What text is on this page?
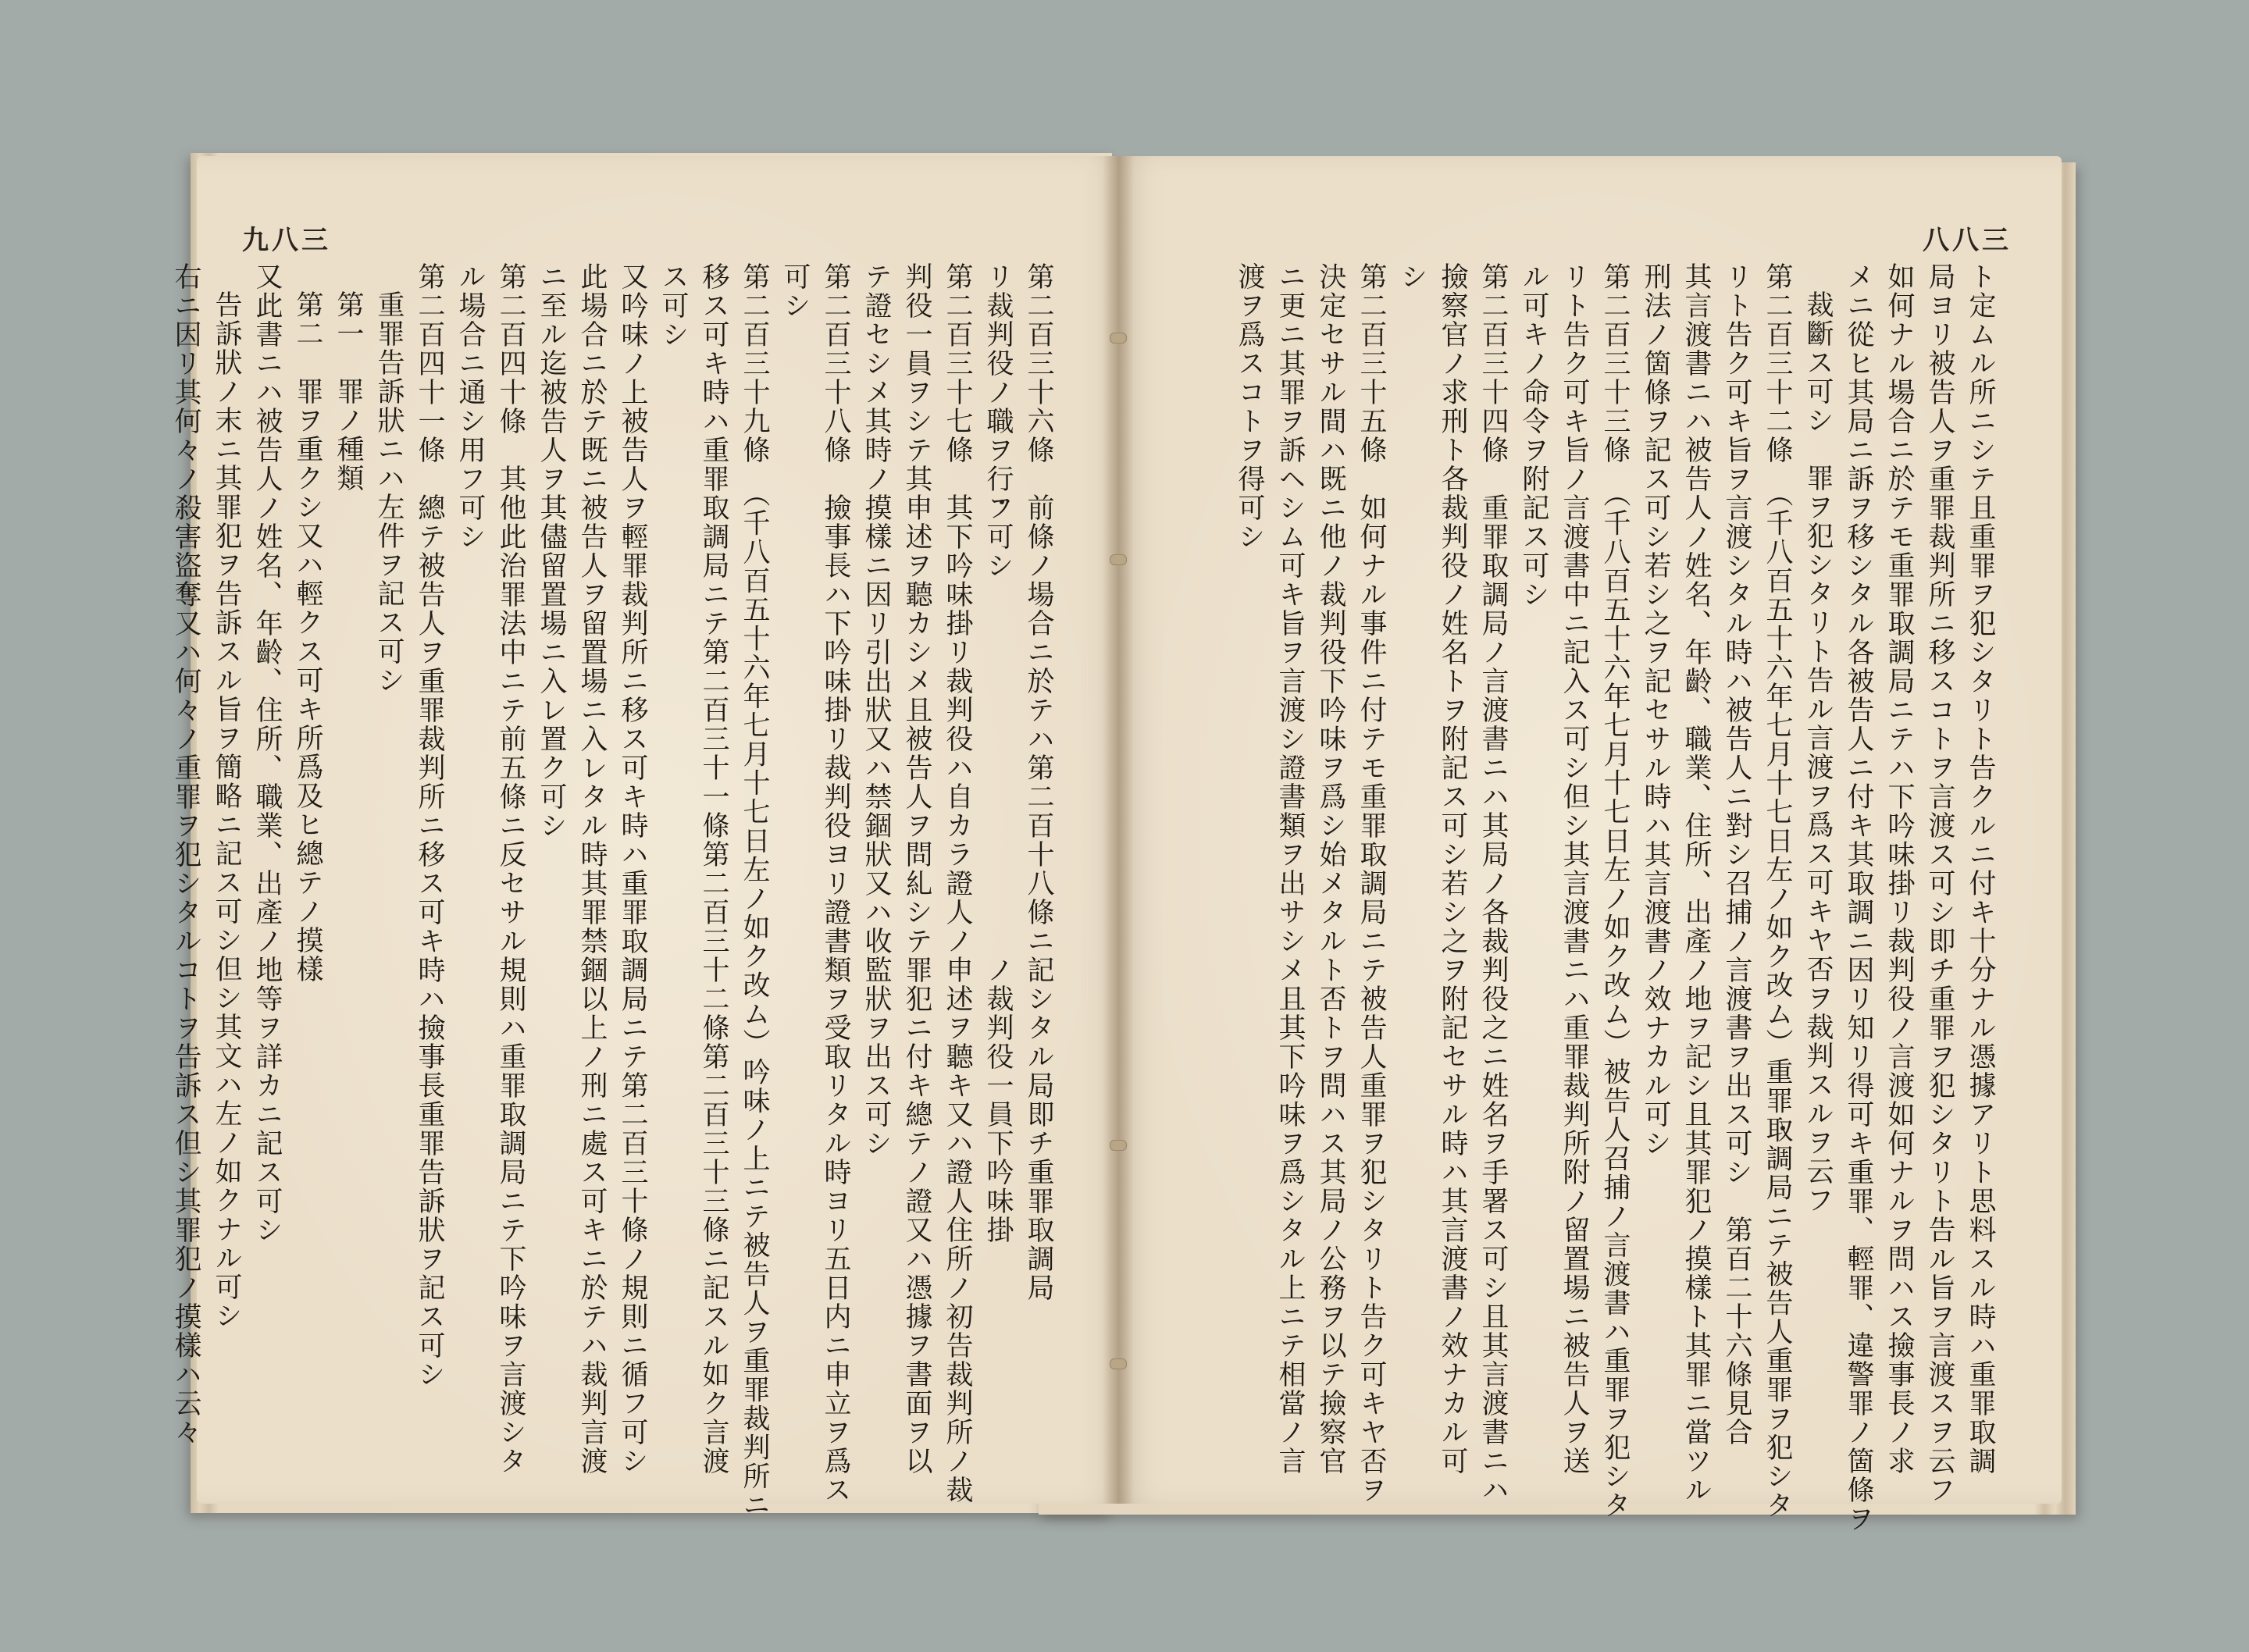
九八三	八八三
ト定ムル所ニシテ且重罪ヲ犯シタリト告クルニ付キ十分ナル憑據アリト思料スル時ハ重罪取調
局ヨリ被告人ヲ重罪裁判所ニ移スコトヲ言渡ス可シ即チ重罪ヲ犯シタリト告ル旨ヲ言渡スヲ云フ
如何ナル場合ニ於テモ重罪取調局ニテハ下吟味掛リ裁判役ノ言渡如何ナルヲ問ハス撿事長ノ求
メニ從ヒ其局ニ訴ヲ移シタル各被告人ニ付キ其取調ニ因リ知リ得可キ重罪、輕罪、違警罪ノ箇條ヲ
裁斷ス可シ　罪ヲ犯シタリト告ル言渡ヲ爲ス可キヤ否ヲ裁判スルヲ云フ
第二百三十二條　（千八百五十六年七月十七日左ノ如ク改ム）重罪取調局ニテ被告人重罪ヲ犯シタ
リト告ク可キ旨ヲ言渡シタル時ハ被告人ニ對シ召捕ノ言渡書ヲ出ス可シ　第百二十六條見合
其言渡書ニハ被告人ノ姓名、年齡、職業、住所、出產ノ地ヲ記シ且其罪犯ノ摸樣ト其罪ニ當ツル
刑法ノ箇條ヲ記ス可シ若シ之ヲ記セサル時ハ其言渡書ノ效ナカル可シ
第二百三十三條　（千八百五十六年七月十七日左ノ如ク改ム）被告人召捕ノ言渡書ハ重罪ヲ犯シタ
リト告ク可キ旨ノ言渡書中ニ記入ス可シ但シ其言渡書ニハ重罪裁判所附ノ留置場ニ被告人ヲ送
ル可キノ命令ヲ附記ス可シ
第二百三十四條　重罪取調局ノ言渡書ニハ其局ノ各裁判役之ニ姓名ヲ手署ス可シ且其言渡書ニハ
撿察官ノ求刑ト各裁判役ノ姓名トヲ附記ス可シ若シ之ヲ附記セサル時ハ其言渡書ノ效ナカル可
シ
第二百三十五條　如何ナル事件ニ付テモ重罪取調局ニテ被告人重罪ヲ犯シタリト告ク可キヤ否ヲ
決定セサル間ハ既ニ他ノ裁判役下吟味ヲ爲シ始メタルト否トヲ問ハス其局ノ公務ヲ以テ撿察官
ニ更ニ其罪ヲ訴ヘシム可キ旨ヲ言渡シ證書類ヲ出サシメ且其下吟味ヲ爲シタル上ニテ相當ノ言
渡ヲ爲スコトヲ得可シ
第二百三十六條　前條ノ場合ニ於テハ第二百十八條ニ記シタル局即チ重罪取調局
リ裁判役ノ職ヲ行フ可シ　　　　　　　　　　　　　ノ裁判役一員下吟味掛
第二百三十七條　其下吟味掛リ裁判役ハ自カラ證人ノ申述ヲ聽キ又ハ證人住所ノ初告裁判所ノ裁
判役一員ヲシテ其申述ヲ聽カシメ且被告人ヲ問糺シテ罪犯ニ付キ總テノ證又ハ憑據ヲ書面ヲ以
テ證セシメ其時ノ摸樣ニ因リ引出狀又ハ禁錮狀又ハ收監狀ヲ出ス可シ
第二百三十八條　撿事長ハ下吟味掛リ裁判役ヨリ證書類ヲ受取リタル時ヨリ五日内ニ申立ヲ爲ス
可シ
第二百三十九條　（千八百五十六年七月十七日左ノ如ク改ム）吟味ノ上ニテ被告人ヲ重罪裁判所ニ
移ス可キ時ハ重罪取調局ニテ第二百三十一條第二百三十二條第二百三十三條ニ記スル如ク言渡
ス可シ
又吟味ノ上被告人ヲ輕罪裁判所ニ移ス可キ時ハ重罪取調局ニテ第二百三十條ノ規則ニ循フ可シ
此場合ニ於テ既ニ被告人ヲ留置場ニ入レタル時其罪禁錮以上ノ刑ニ處ス可キニ於テハ裁判言渡
ニ至ル迄被告人ヲ其儘留置場ニ入レ置ク可シ
第二百四十條　其他此治罪法中ニテ前五條ニ反セサル規則ハ重罪取調局ニテ下吟味ヲ言渡シタ
ル場合ニ通シ用フ可シ
第二百四十一條　總テ被告人ヲ重罪裁判所ニ移ス可キ時ハ撿事長重罪告訴狀ヲ記ス可シ
重罪告訴狀ニハ左件ヲ記ス可シ
第一　罪ノ種類
第二　罪ヲ重クシ又ハ輕クス可キ所爲及ヒ總テノ摸樣
又此書ニハ被告人ノ姓名、年齡、住所、職業、出產ノ地等ヲ詳カニ記ス可シ
告訴狀ノ末ニ其罪犯ヲ告訴スル旨ヲ簡略ニ記ス可シ但シ其文ハ左ノ如クナル可シ
右ニ因リ其何々ノ殺害盜奪又ハ何々ノ重罪ヲ犯シタルコトヲ告訴ス但シ其罪犯ノ摸樣ハ云々
